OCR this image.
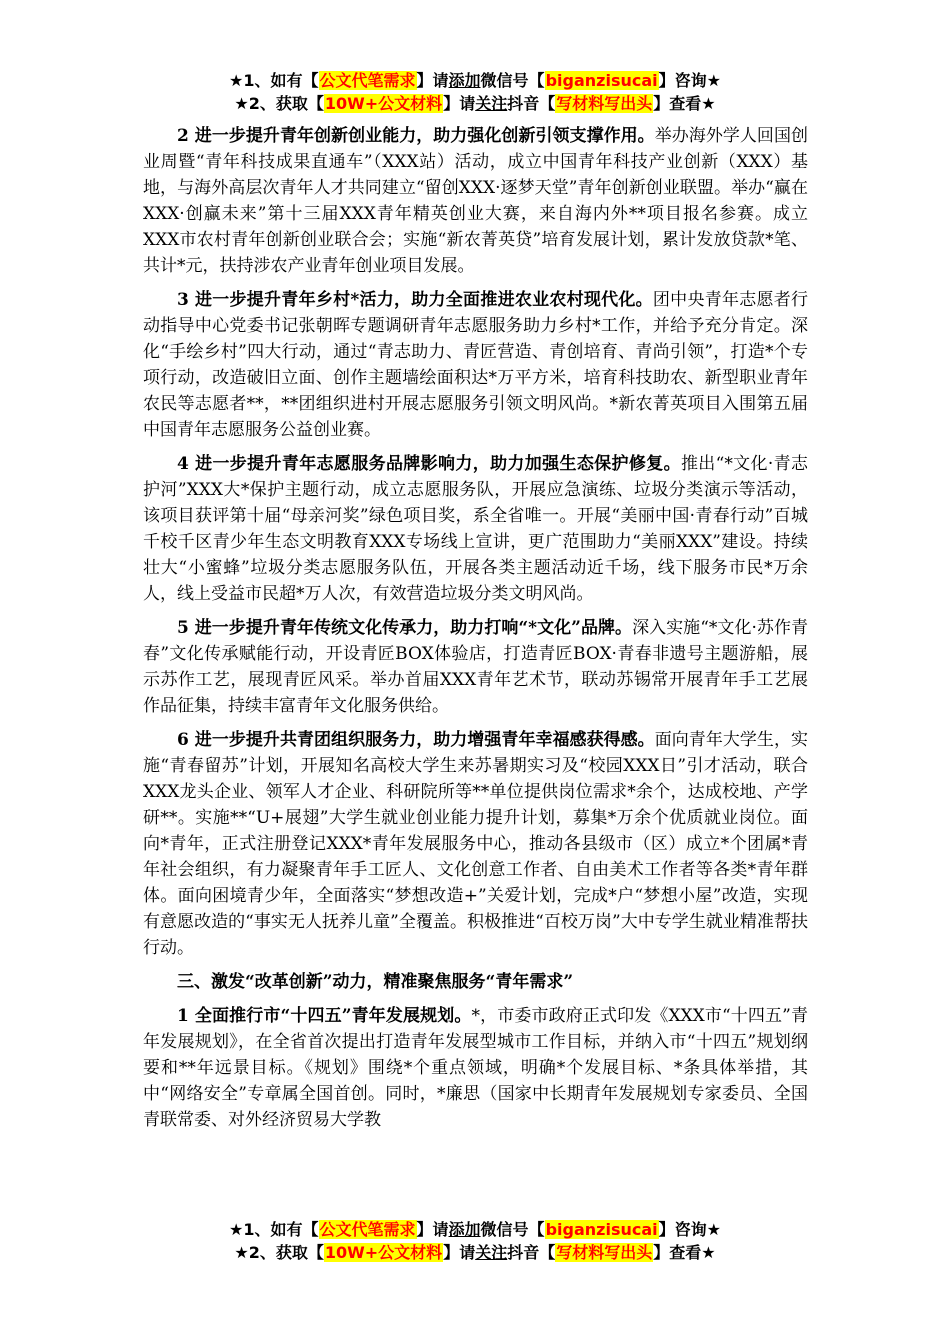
★1、如有【公文代笔需求】请添加微信号【biganzisucai】咨询★
★2、获取【10W+公文材料】请关注抖音【写材料写出头】查看★

2 进一步提升青年创新创业能力，助力强化创新引领支撑作用。举办海外学人回国创业周暨“青年科技成果直通车”（XXX站）活动，成立中国青年科技产业创新（XXX）基地，与海外高层次青年人才共同建立“留创XXX·逐梦天堂”青年创新创业联盟。举办“赢在XXX·创赢未来”第十三届XXX青年精英创业大赛，来自海内外**项目报名参赛。成立XXX市农村青年创新创业联合会；实施“新农菁英贷”培育发展计划，累计发放贷款*笔、共计*元，扶持涉农产业青年创业项目发展。

3 进一步提升青年乡村*活力，助力全面推进农业农村现代化。团中央青年志愿者行动指导中心党委书记张朝晖专题调研青年志愿服务助力乡村*工作，并给予充分肯定。深化“手绘乡村”四大行动，通过“青志助力、青匠营造、青创培育、青尚引领”，打造*个专项行动，改造破旧立面、创作主题墙绘面积达*万平方米，培育科技助农、新型职业青年农民等志愿者**，**团组织进村开展志愿服务引领文明风尚。*新农菁英项目入围第五届中国青年志愿服务公益创业赛。

4 进一步提升青年志愿服务品牌影响力，助力加强生态保护修复。推出“*文化·青志护河”XXX大*保护主题行动，成立志愿服务队，开展应急演练、垃圾分类演示等活动，该项目获评第十届“母亲河奖”绿色项目奖，系全省唯一。开展“美丽中国·青春行动”百城千校千区青少年生态文明教育XXX专场线上宣讲，更广范围助力“美丽XXX”建设。持续壮大“小蜜蜂”垃圾分类志愿服务队伍，开展各类主题活动近千场，线下服务市民*万余人，线上受益市民超*万人次，有效营造垃圾分类文明风尚。

5 进一步提升青年传统文化传承力，助力打响“*文化”品牌。深入实施“*文化·苏作青春”文化传承赋能行动，开设青匠BOX体验店，打造青匠BOX·青春非遗号主题游船，展示苏作工艺，展现青匠风采。举办首届XXX青年艺术节，联动苏锡常开展青年手工艺展作品征集，持续丰富青年文化服务供给。

6 进一步提升共青团组织服务力，助力增强青年幸福感获得感。面向青年大学生，实施“青春留苏”计划，开展知名高校大学生来苏暑期实习及“校园XXX日”引才活动，联合XXX龙头企业、领军人才企业、科研院所等**单位提供岗位需求*余个，达成校地、产学研**。实施**“U+展翅”大学生就业创业能力提升计划，募集*万余个优质就业岗位。面向*青年，正式注册登记XXX*青年发展服务中心，推动各县级市（区）成立*个团属*青年社会组织，有力凝聚青年手工匠人、文化创意工作者、自由美术工作者等各类*青年群体。面向困境青少年，全面落实“梦想改造+”关爱计划，完成*户“梦想小屋”改造，实现有意愿改造的“事实无人抚养儿童”全覆盖。积极推进“百校万岗”大中专学生就业精准帮扶行动。

三、激发“改革创新”动力，精准聚焦服务“青年需求”

1 全面推行市“十四五”青年发展规划。*，市委市政府正式印发《XXX市“十四五”青年发展规划》，在全省首次提出打造青年发展型城市工作目标，并纳入市“十四五”规划纲要和**年远景目标。《规划》围绕*个重点领域，明确*个发展目标、*条具体举措，其中“网络安全”专章属全国首创。同时，*廉思（国家中长期青年发展规划专家委员、全国青联常委、对外经济贸易大学教

★1、如有【公文代笔需求】请添加微信号【biganzisucai】咨询★
★2、获取【10W+公文材料】请关注抖音【写材料写出头】查看★
